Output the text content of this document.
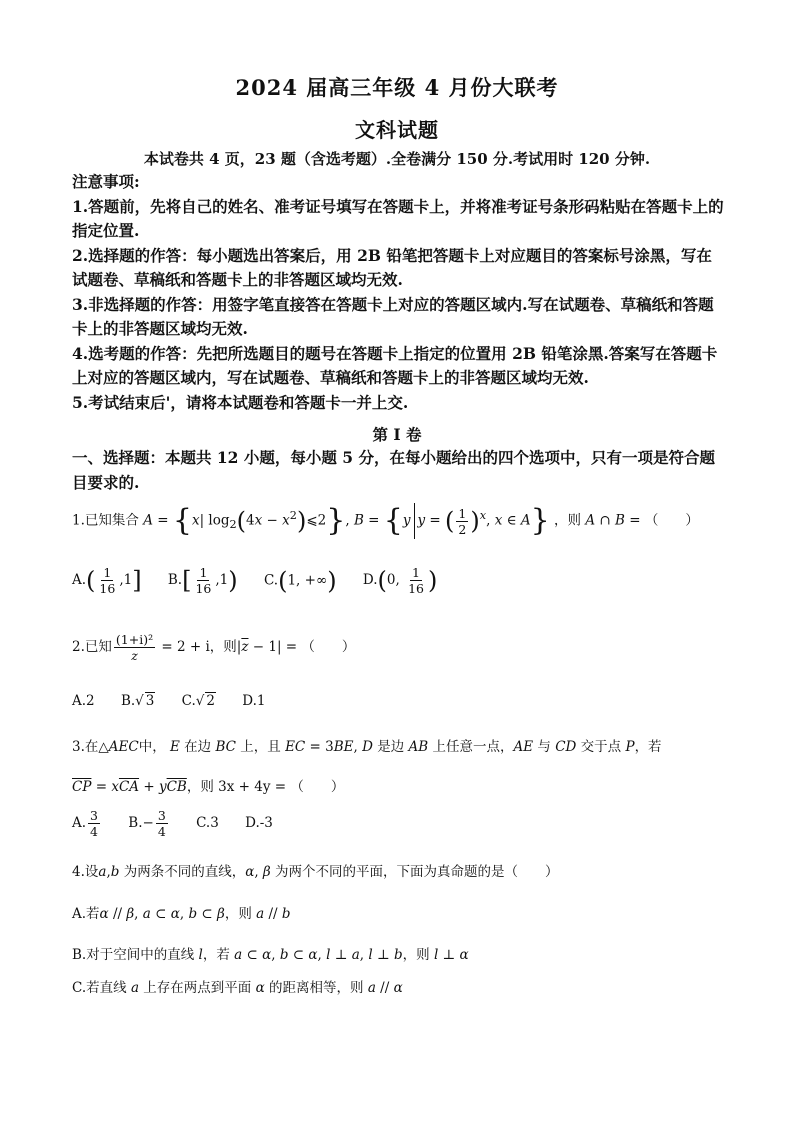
2024 届高三年级 4 月份大联考
文科试题
本试卷共 4 页，23 题（含选考题）.全卷满分 150 分.考试用时 120 分钟.

注意事项:

1.答题前，先将自己的姓名、准考证号填写在答题卡上，并将准考证号条形码粘贴在答题卡上的指定位置.

2.选择题的作答：每小题选出答案后，用 2B 铅笔把答题卡上对应题目的答案标号涂黑，写在试题卷、草稿纸和答题卡上的非答题区域均无效.

3.非选择题的作答：用签字笔直接答在答题卡上对应的答题区域内.写在试题卷、草稿纸和答题卡上的非答题区域均无效.

4.选考题的作答：先把所选题目的题号在答题卡上指定的位置用 2B 铅笔涂黑.答案写在答题卡上对应的答题区域内，写在试题卷、草稿纸和答题卡上的非答题区域均无效.

5.考试结束后'，请将本试题卷和答题卡一并上交.

第 I 卷
一、选择题：本题共 12 小题，每小题 5 分，在每小题给出的四个选项中，只有一项是符合题目要求的.
1.已知集合 A = {x| $\log_2(4x$ − $x^2)⩽2$}, B = {y y = ( $\frac{1}{2} )^x$, x ∈ A} ，则 A ∩ B = （　　）
$A.( \frac{1}{16} ,1]$ $B.[ \frac{1}{16} ,1)$ C.(1, +∞) D.(0, $\frac{1}{16}$ )
2.已知 $\frac{\text{(1+i)²}}{z} = 2 + i$，则$|\overline{z} - 1|$ = （　　）
A.2 B.√ 3 C.√ 2 D.1
3.在△AEC中， E 在边 BC 上，且 EC = 3BE, D 是边 AB 上任意一点，AE 与 CD 交于点 P，若
$\overline{CP} = x\overline{CA} + y\overline{CB}$，则 3x + 4y = （　　）
A. $\frac{3}{4} B.- \frac{3}{4} C.3$ D.-3
4.设a,b 为两条不同的直线，α, β 为两个不同的平面，下面为真命题的是（　　）
A.若α // β, a ⊂ α, b ⊂ β，则 a // b
B.对于空间中的直线 l，若 a ⊂ α, b ⊂ α, l ⊥ a, l ⊥ b，则 l ⊥ α
C.若直线 a 上存在两点到平面 α 的距离相等，则 a // α
